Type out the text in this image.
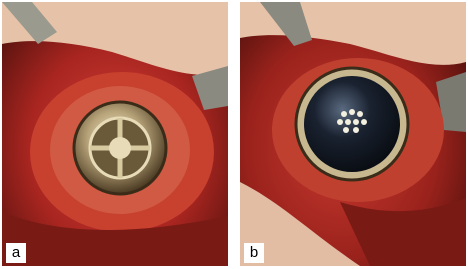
a	b
